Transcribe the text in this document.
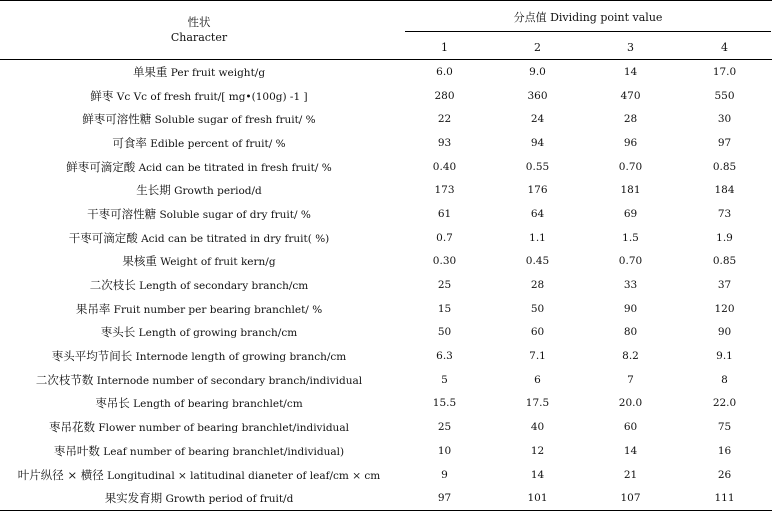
性状
Character	分点值 Dividing point value			

	1	2	3	4
单果重 Per fruit weight/g	6.0	9.0	14	17.0
鲜枣 Vc Vc of fresh fruit/[ mg•(100g) -1 ]	280	360	470	550
鲜枣可溶性糖 Soluble sugar of fresh fruit/ %	22	24	28	30
可食率 Edible percent of fruit/ %	93	94	96	97
鲜枣可滴定酸 Acid can be titrated in fresh fruit/ %	0.40	0.55	0.70	0.85
生长期 Growth period/d	173	176	181	184
干枣可溶性糖 Soluble sugar of dry fruit/ %	61	64	69	73
干枣可滴定酸 Acid can be titrated in dry fruit( %)	0.7	1.1	1.5	1.9
果核重 Weight of fruit kern/g	0.30	0.45	0.70	0.85
二次枝长 Length of secondary branch/cm	25	28	33	37
果吊率 Fruit number per bearing branchlet/ %	15	50	90	120
枣头长 Length of growing branch/cm	50	60	80	90
枣头平均节间长 Internode length of growing branch/cm	6.3	7.1	8.2	9.1
二次枝节数 Internode number of secondary branch/individual	5	6	7	8
枣吊长 Length of bearing branchlet/cm	15.5	17.5	20.0	22.0
枣吊花数 Flower number of bearing branchlet/individual	25	40	60	75
枣吊叶数 Leaf number of bearing branchlet/individual)	10	12	14	16
叶片纵径 × 横径 Longitudinal × latitudinal dianeter of leaf/cm × cm	9	14	21	26
果实发育期 Growth period of fruit/d	97	101	107	111
